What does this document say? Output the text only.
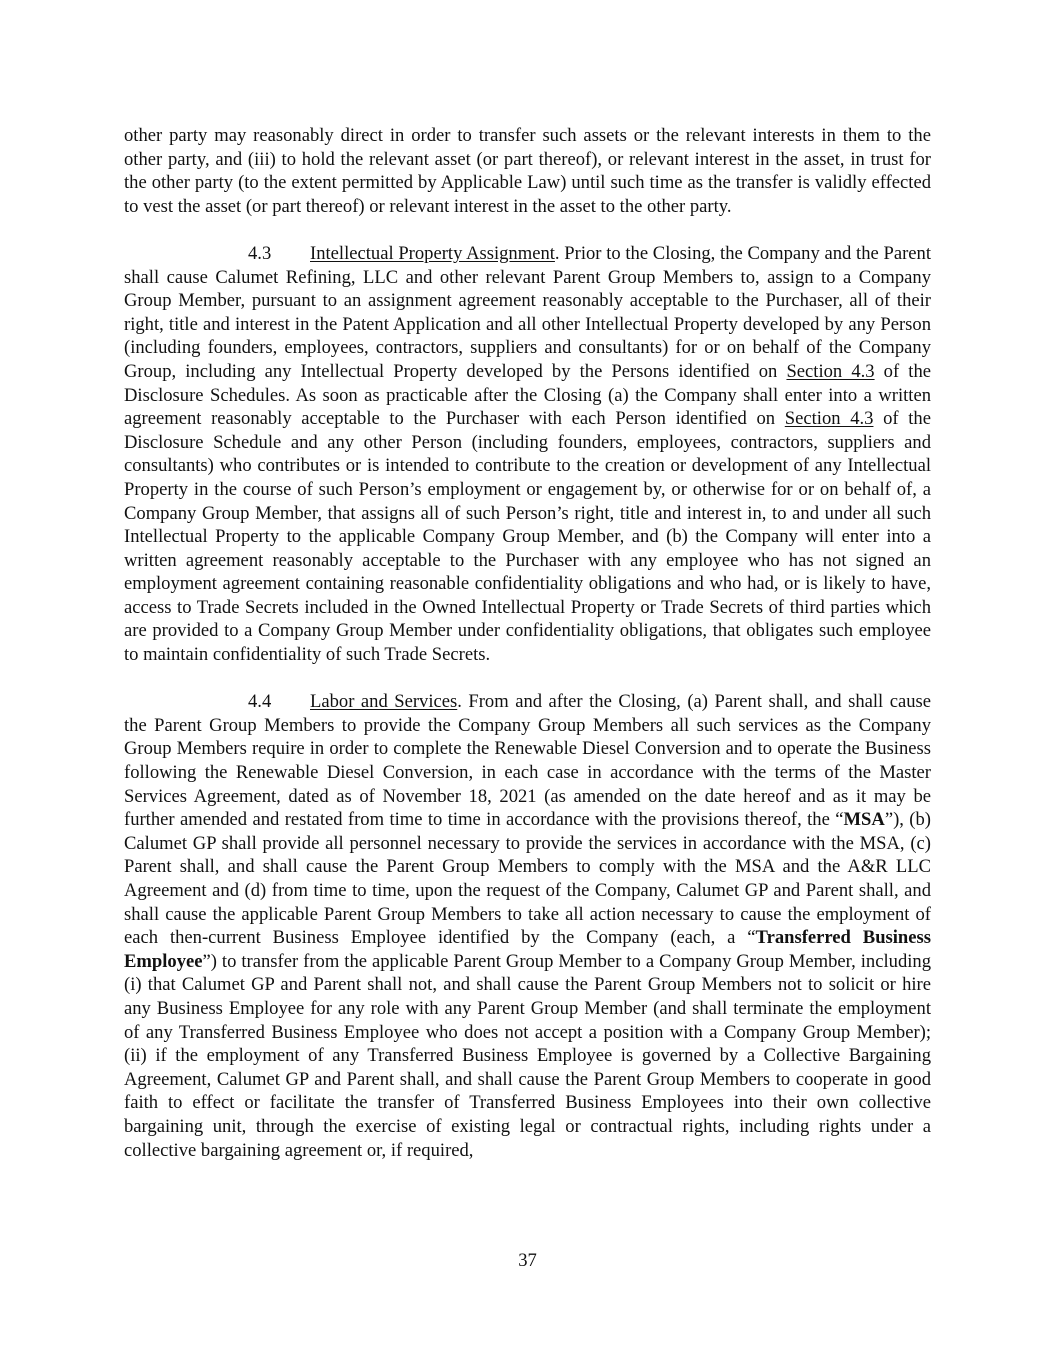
other party may reasonably direct in order to transfer such assets or the relevant interests in them to the other party, and (iii) to hold the relevant asset (or part thereof), or relevant interest in the asset, in trust for the other party (to the extent permitted by Applicable Law) until such time as the transfer is validly effected to vest the asset (or part thereof) or relevant interest in the asset to the other party.

4.3 Intellectual Property Assignment. Prior to the Closing, the Company and the Parent shall cause Calumet Refining, LLC and other relevant Parent Group Members to, assign to a Company Group Member, pursuant to an assignment agreement reasonably acceptable to the Purchaser, all of their right, title and interest in the Patent Application and all other Intellectual Property developed by any Person (including founders, employees, contractors, suppliers and consultants) for or on behalf of the Company Group, including any Intellectual Property developed by the Persons identified on Section 4.3 of the Disclosure Schedules. As soon as practicable after the Closing (a) the Company shall enter into a written agreement reasonably acceptable to the Purchaser with each Person identified on Section 4.3 of the Disclosure Schedule and any other Person (including founders, employees, contractors, suppliers and consultants) who contributes or is intended to contribute to the creation or development of any Intellectual Property in the course of such Person’s employment or engagement by, or otherwise for or on behalf of, a Company Group Member, that assigns all of such Person’s right, title and interest in, to and under all such Intellectual Property to the applicable Company Group Member, and (b) the Company will enter into a written agreement reasonably acceptable to the Purchaser with any employee who has not signed an employment agreement containing reasonable confidentiality obligations and who had, or is likely to have, access to Trade Secrets included in the Owned Intellectual Property or Trade Secrets of third parties which are provided to a Company Group Member under confidentiality obligations, that obligates such employee to maintain confidentiality of such Trade Secrets.

4.4 Labor and Services. From and after the Closing, (a) Parent shall, and shall cause the Parent Group Members to provide the Company Group Members all such services as the Company Group Members require in order to complete the Renewable Diesel Conversion and to operate the Business following the Renewable Diesel Conversion, in each case in accordance with the terms of the Master Services Agreement, dated as of November 18, 2021 (as amended on the date hereof and as it may be further amended and restated from time to time in accordance with the provisions thereof, the “MSA”), (b) Calumet GP shall provide all personnel necessary to provide the services in accordance with the MSA, (c) Parent shall, and shall cause the Parent Group Members to comply with the MSA and the A&R LLC Agreement and (d) from time to time, upon the request of the Company, Calumet GP and Parent shall, and shall cause the applicable Parent Group Members to take all action necessary to cause the employment of each then-current Business Employee identified by the Company (each, a “Transferred Business Employee”) to transfer from the applicable Parent Group Member to a Company Group Member, including (i) that Calumet GP and Parent shall not, and shall cause the Parent Group Members not to solicit or hire any Business Employee for any role with any Parent Group Member (and shall terminate the employment of any Transferred Business Employee who does not accept a position with a Company Group Member); (ii) if the employment of any Transferred Business Employee is governed by a Collective Bargaining Agreement, Calumet GP and Parent shall, and shall cause the Parent Group Members to cooperate in good faith to effect or facilitate the transfer of Transferred Business Employees into their own collective bargaining unit, through the exercise of existing legal or contractual rights, including rights under a collective bargaining agreement or, if required,

37
